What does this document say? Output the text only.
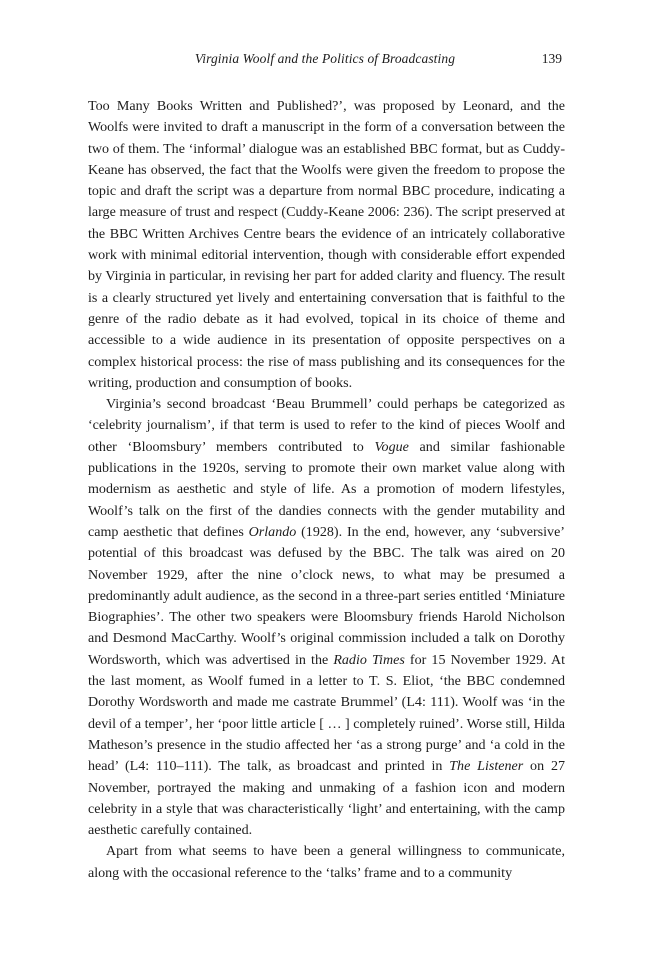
Virginia Woolf and the Politics of Broadcasting	139

Too Many Books Written and Published?’, was proposed by Leonard, and the Woolfs were invited to draft a manuscript in the form of a conversation between the two of them. The ‘informal’ dialogue was an established BBC format, but as Cuddy-Keane has observed, the fact that the Woolfs were given the freedom to propose the topic and draft the script was a departure from normal BBC procedure, indicating a large measure of trust and respect (Cuddy-Keane 2006: 236). The script preserved at the BBC Written Archives Centre bears the evidence of an intricately collaborative work with minimal editorial intervention, though with considerable effort expended by Virginia in particular, in revising her part for added clarity and fluency. The result is a clearly structured yet lively and entertaining conversation that is faithful to the genre of the radio debate as it had evolved, topical in its choice of theme and accessible to a wide audience in its presentation of opposite perspectives on a complex historical process: the rise of mass publishing and its consequences for the writing, production and consumption of books.

Virginia’s second broadcast ‘Beau Brummell’ could perhaps be categorized as ‘celebrity journalism’, if that term is used to refer to the kind of pieces Woolf and other ‘Bloomsbury’ members contributed to Vogue and similar fashionable publications in the 1920s, serving to promote their own market value along with modernism as aesthetic and style of life. As a promotion of modern lifestyles, Woolf’s talk on the first of the dandies connects with the gender mutability and camp aesthetic that defines Orlando (1928). In the end, however, any ‘subversive’ potential of this broadcast was defused by the BBC. The talk was aired on 20 November 1929, after the nine o’clock news, to what may be presumed a predominantly adult audience, as the second in a three-part series entitled ‘Miniature Biographies’. The other two speakers were Bloomsbury friends Harold Nicholson and Desmond MacCarthy. Woolf’s original commission included a talk on Dorothy Wordsworth, which was advertised in the Radio Times for 15 November 1929. At the last moment, as Woolf fumed in a letter to T. S. Eliot, ‘the BBC condemned Dorothy Wordsworth and made me castrate Brummel’ (L4: 111). Woolf was ‘in the devil of a temper’, her ‘poor little article [ … ] completely ruined’. Worse still, Hilda Matheson’s presence in the studio affected her ‘as a strong purge’ and ‘a cold in the head’ (L4: 110–111). The talk, as broadcast and printed in The Listener on 27 November, portrayed the making and unmaking of a fashion icon and modern celebrity in a style that was characteristically ‘light’ and entertaining, with the camp aesthetic carefully contained.

Apart from what seems to have been a general willingness to communicate, along with the occasional reference to the ‘talks’ frame and to a community
